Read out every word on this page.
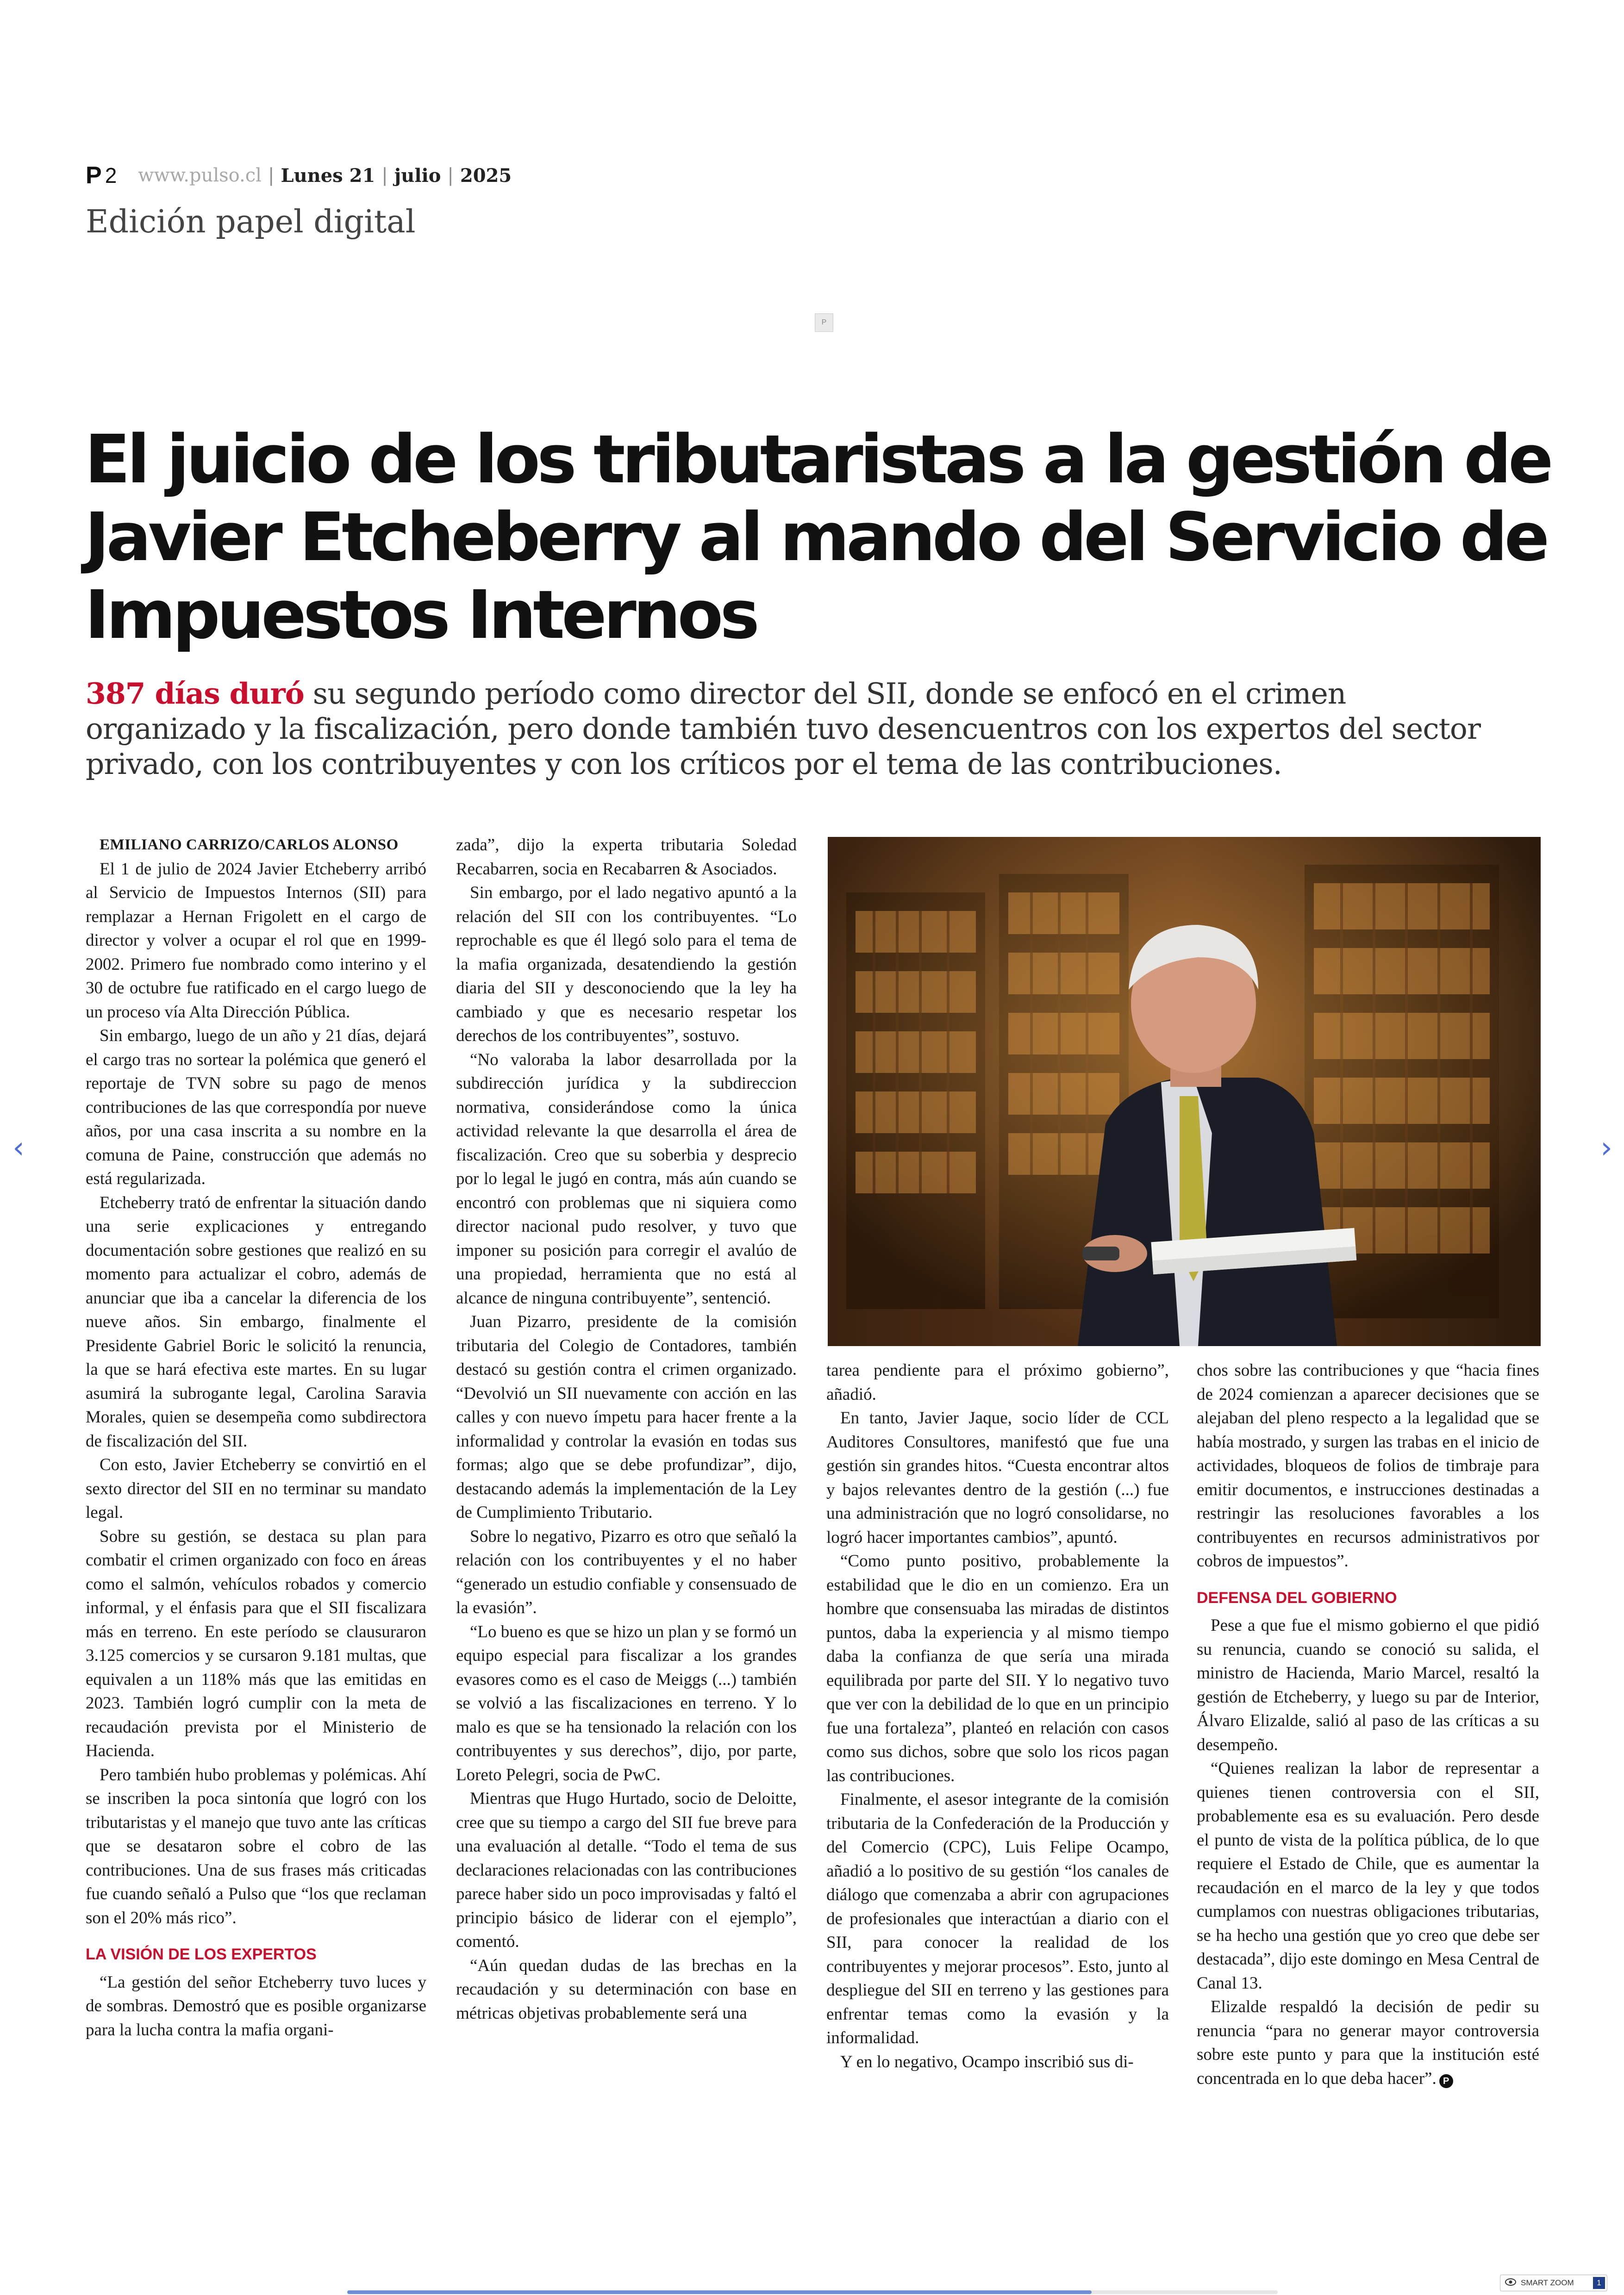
P 2 www.pulso.cl | Lunes 21 | julio | 2025
Edición papel digital
P
El juicio de los tributaristas a la gestión de Javier Etcheberry al mando del Servicio de Impuestos Internos

387 días duró su segundo período como director del SII, donde se enfocó en el crimen organizado y la fiscalización, pero donde también tuvo desencuentros con los expertos del sector privado, con los contribuyentes y con los críticos por el tema de las contribuciones.

EMILIANO CARRIZO/CARLOS ALONSO

El 1 de julio de 2024 Javier Etcheberry arribó al Servicio de Impuestos Internos (SII) para remplazar a Hernan Frigolett en el cargo de director y volver a ocupar el rol que en 1999- 2002. Primero fue nombrado como interino y el 30 de octubre fue ratificado en el cargo luego de un proceso vía Alta Dirección Pública.

Sin embargo, luego de un año y 21 días, dejará el cargo tras no sortear la polémica que generó el reportaje de TVN sobre su pago de menos contribuciones de las que correspondía por nueve años, por una casa inscrita a su nombre en la comuna de Paine, construcción que además no está regularizada.

Etcheberry trató de enfrentar la situación dando una serie explicaciones y entregando documentación sobre gestiones que realizó en su momento para actualizar el cobro, además de anunciar que iba a cancelar la diferencia de los nueve años. Sin embargo, finalmente el Presidente Gabriel Boric le solicitó la renuncia, la que se hará efectiva este martes. En su lugar asumirá la subrogante legal, Carolina Saravia Morales, quien se desempeña como subdirectora de fiscalización del SII.

Con esto, Javier Etcheberry se convirtió en el sexto director del SII en no terminar su mandato legal.

Sobre su gestión, se destaca su plan para combatir el crimen organizado con foco en áreas como el salmón, vehículos robados y comercio informal, y el énfasis para que el SII fiscalizara más en terreno. En este período se clausuraron 3.125 comercios y se cursaron 9.181 multas, que equivalen a un 118% más que las emitidas en 2023. También logró cumplir con la meta de recaudación prevista por el Ministerio de Hacienda.

Pero también hubo problemas y polémicas. Ahí se inscriben la poca sintonía que logró con los tributaristas y el manejo que tuvo ante las críticas que se desataron sobre el cobro de las contribuciones. Una de sus frases más criticadas fue cuando señaló a Pulso que “los que reclaman son el 20% más rico”.

LA VISIÓN DE LOS EXPERTOS

“La gestión del señor Etcheberry tuvo luces y de sombras. Demostró que es posible organizarse para la lucha contra la mafia organi-

zada”, dijo la experta tributaria Soledad Recabarren, socia en Recabarren & Asociados.

Sin embargo, por el lado negativo apuntó a la relación del SII con los contribuyentes. “Lo reprochable es que él llegó solo para el tema de la mafia organizada, desatendiendo la gestión diaria del SII y desconociendo que la ley ha cambiado y que es necesario respetar los derechos de los contribuyentes”, sostuvo.

“No valoraba la labor desarrollada por la subdirección jurídica y la subdireccion normativa, considerándose como la única actividad relevante la que desarrolla el área de fiscalización. Creo que su soberbia y desprecio por lo legal le jugó en contra, más aún cuando se encontró con problemas que ni siquiera como director nacional pudo resolver, y tuvo que imponer su posición para corregir el avalúo de una propiedad, herramienta que no está al alcance de ninguna contribuyente”, sentenció.

Juan Pizarro, presidente de la comisión tributaria del Colegio de Contadores, también destacó su gestión contra el crimen organizado. “Devolvió un SII nuevamente con acción en las calles y con nuevo ímpetu para hacer frente a la informalidad y controlar la evasión en todas sus formas; algo que se debe profundizar”, dijo, destacando además la implementación de la Ley de Cumplimiento Tributario.

Sobre lo negativo, Pizarro es otro que señaló la relación con los contribuyentes y el no haber “generado un estudio confiable y consensuado de la evasión”.

“Lo bueno es que se hizo un plan y se formó un equipo especial para fiscalizar a los grandes evasores como es el caso de Meiggs (...) también se volvió a las fiscalizaciones en terreno. Y lo malo es que se ha tensionado la relación con los contribuyentes y sus derechos”, dijo, por parte, Loreto Pelegri, socia de PwC.

Mientras que Hugo Hurtado, socio de Deloitte, cree que su tiempo a cargo del SII fue breve para una evaluación al detalle. “Todo el tema de sus declaraciones relacionadas con las contribuciones parece haber sido un poco improvisadas y faltó el principio básico de liderar con el ejemplo”, comentó.

“Aún quedan dudas de las brechas en la recaudación y su determinación con base en métricas objetivas probablemente será una

tarea pendiente para el próximo gobierno”, añadió.

En tanto, Javier Jaque, socio líder de CCL Auditores Consultores, manifestó que fue una gestión sin grandes hitos. “Cuesta encontrar altos y bajos relevantes dentro de la gestión (...) fue una administración que no logró consolidarse, no logró hacer importantes cambios”, apuntó.

“Como punto positivo, probablemente la estabilidad que le dio en un comienzo. Era un hombre que consensuaba las miradas de distintos puntos, daba la experiencia y al mismo tiempo daba la confianza de que sería una mirada equilibrada por parte del SII. Y lo negativo tuvo que ver con la debilidad de lo que en un principio fue una fortaleza”, planteó en relación con casos como sus dichos, sobre que solo los ricos pagan las contribuciones.

Finalmente, el asesor integrante de la comisión tributaria de la Confederación de la Producción y del Comercio (CPC), Luis Felipe Ocampo, añadió a lo positivo de su gestión “los canales de diálogo que comenzaba a abrir con agrupaciones de profesionales que interactúan a diario con el SII, para conocer la realidad de los contribuyentes y mejorar procesos”. Esto, junto al despliegue del SII en terreno y las gestiones para enfrentar temas como la evasión y la informalidad.

Y en lo negativo, Ocampo inscribió sus di-

chos sobre las contribuciones y que “hacia fines de 2024 comienzan a aparecer decisiones que se alejaban del pleno respecto a la legalidad que se había mostrado, y surgen las trabas en el inicio de actividades, bloqueos de folios de timbraje para emitir documentos, e instrucciones destinadas a restringir las resoluciones favorables a los contribuyentes en recursos administrativos por cobros de impuestos”.

DEFENSA DEL GOBIERNO

Pese a que fue el mismo gobierno el que pidió su renuncia, cuando se conoció su salida, el ministro de Hacienda, Mario Marcel, resaltó la gestión de Etcheberry, y luego su par de Interior, Álvaro Elizalde, salió al paso de las críticas a su desempeño.

“Quienes realizan la labor de representar a quienes tienen controversia con el SII, probablemente esa es su evaluación. Pero desde el punto de vista de la política pública, de lo que requiere el Estado de Chile, que es aumentar la recaudación en el marco de la ley y que todos cumplamos con nuestras obligaciones tributarias, se ha hecho una gestión que yo creo que debe ser destacada”, dijo este domingo en Mesa Central de Canal 13.

Elizalde respaldó la decisión de pedir su renuncia “para no generar mayor controversia sobre este punto y para que la institución esté concentrada en lo que deba hacer”. P

‹	›
SMART ZOOM	1
